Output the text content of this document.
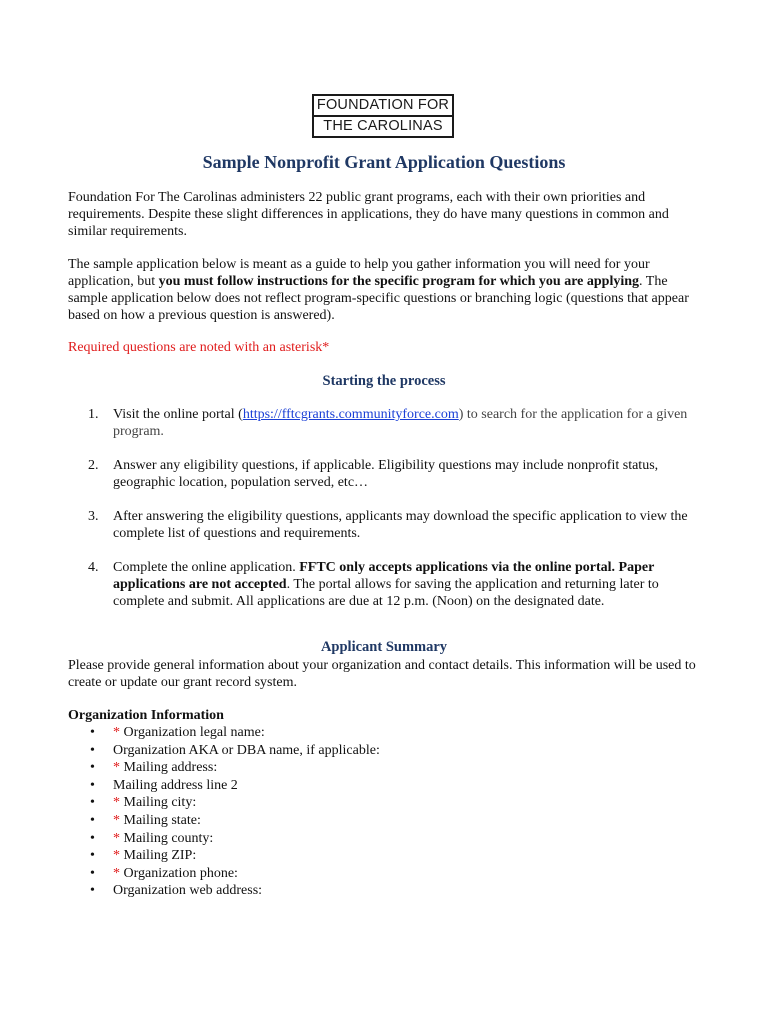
FOUNDATION FOR
THE CAROLINAS
Sample Nonprofit Grant Application Questions

Foundation For The Carolinas administers 22 public grant programs, each with their own priorities and requirements. Despite these slight differences in applications, they do have many questions in common and similar requirements.

The sample application below is meant as a guide to help you gather information you will need for your application, but you must follow instructions for the specific program for which you are applying. The sample application below does not reflect program-specific questions or branching logic (questions that appear based on how a previous question is answered).

Required questions are noted with an asterisk*

Starting the process
1. Visit the online portal (https://fftcgrants.communityforce.com) to search for the application for a given program.
2. Answer any eligibility questions, if applicable. Eligibility questions may include nonprofit status, geographic location, population served, etc…
3. After answering the eligibility questions, applicants may download the specific application to view the complete list of questions and requirements.
4. Complete the online application. FFTC only accepts applications via the online portal. Paper applications are not accepted. The portal allows for saving the application and returning later to complete and submit. All applications are due at 12 p.m. (Noon) on the designated date.
Applicant Summary

Please provide general information about your organization and contact details. This information will be used to create or update our grant record system.

Organization Information

• * Organization legal name:
• Organization AKA or DBA name, if applicable:
• * Mailing address:
• Mailing address line 2
• * Mailing city:
• * Mailing state:
• * Mailing county:
• * Mailing ZIP:
• * Organization phone:
• Organization web address:
